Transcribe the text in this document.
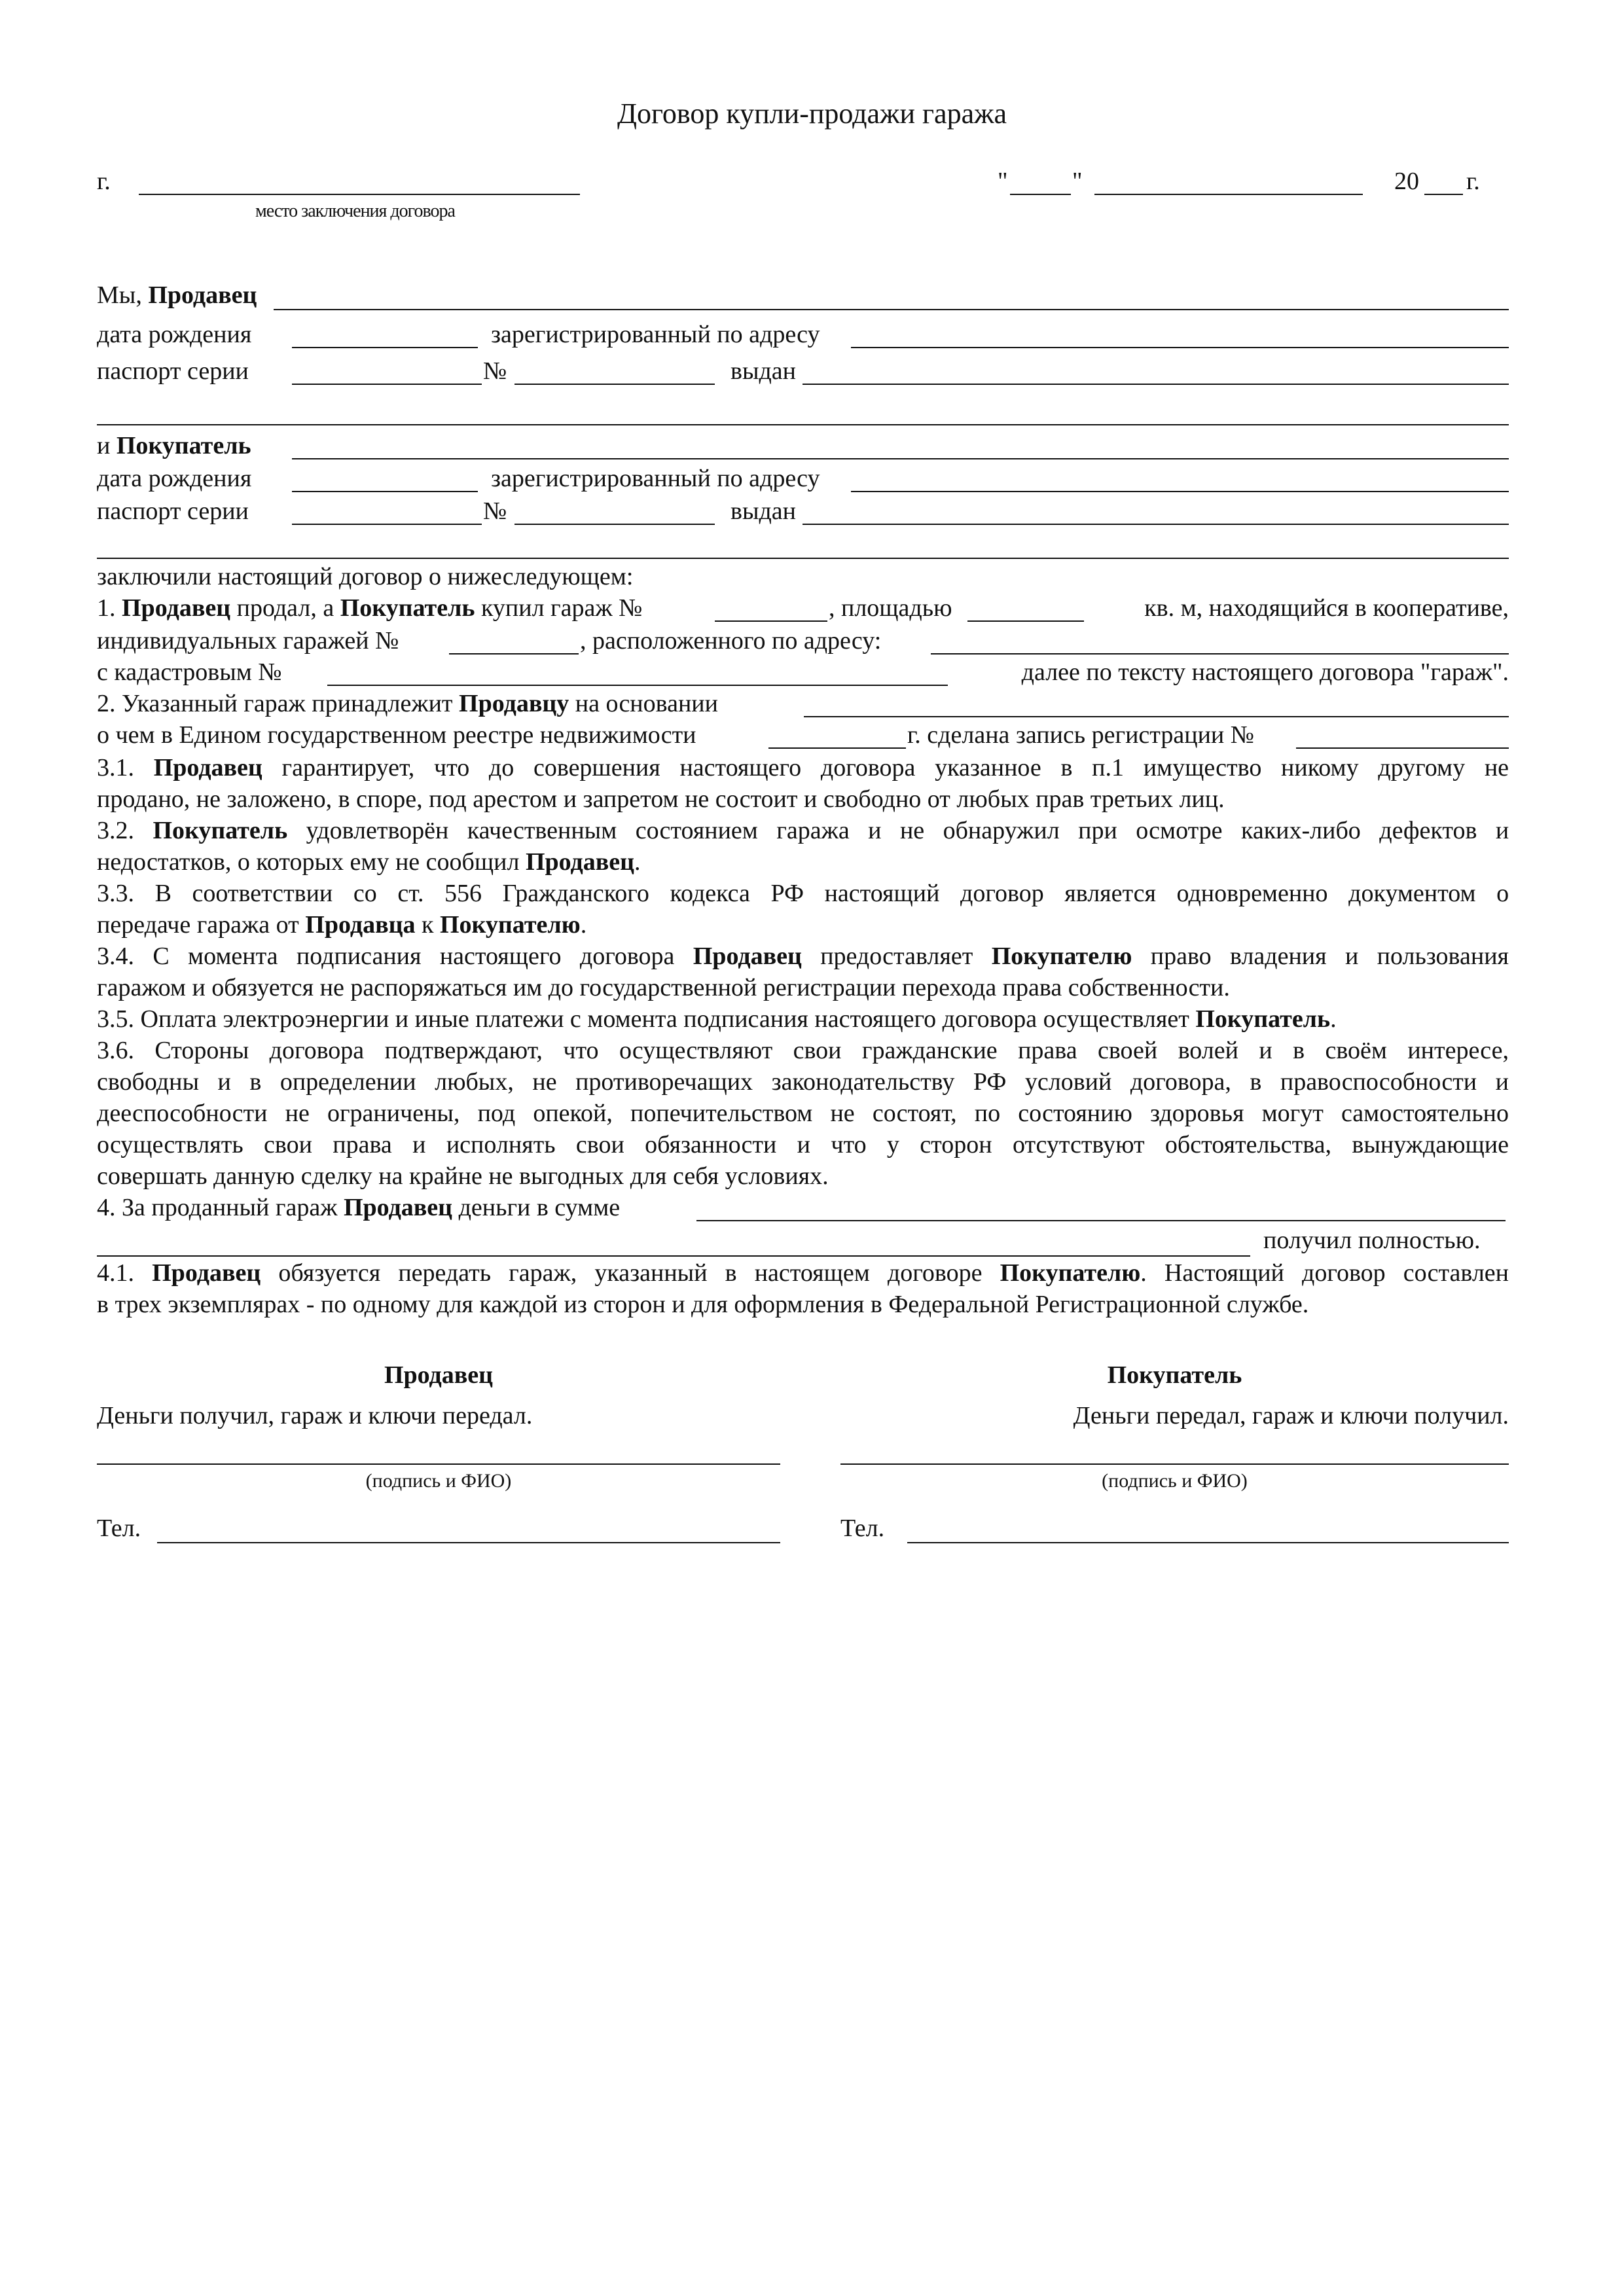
Договор купли-продажи гаража
г.
место заключения договора
"	"	20 г.
Мы, Продавец
дата рождения	зарегистрированный по адресу
паспорт серии	№	выдан
и Покупатель
дата рождения	зарегистрированный по адресу
паспорт серии	№	выдан
заключили настоящий договор о нижеследующем:
1. Продавец продал, а Покупатель купил гараж №	, площадью	кв. м, находящийся в кооперативе,
индивидуальных гаражей №	, расположенного по адресу:
с кадастровым №	далее по тексту настоящего договора "гараж".
2. Указанный гараж принадлежит Продавцу на основании
о чем в Едином государственном реестре недвижимости	г. сделана запись регистрации №
3.1. Продавец гарантирует, что до совершения настоящего договора указанное в п.1 имущество никому другому не
продано, не заложено, в споре, под арестом и запретом не состоит и свободно от любых прав третьих лиц.
3.2. Покупатель удовлетворён качественным состоянием гаража и не обнаружил при осмотре каких-либо дефектов и
недостатков, о которых ему не сообщил Продавец.
3.3. В соответствии со ст. 556 Гражданского кодекса РФ настоящий договор является одновременно документом о
передаче гаража от Продавца к Покупателю.
3.4. С момента подписания настоящего договора Продавец предоставляет Покупателю право владения и пользования
гаражом и обязуется не распоряжаться им до государственной регистрации перехода права собственности.
3.5. Оплата электроэнергии и иные платежи с момента подписания настоящего договора осуществляет Покупатель.
3.6. Стороны договора подтверждают, что осуществляют свои гражданские права своей волей и в своём интересе,
свободны и в определении любых, не противоречащих законодательству РФ условий договора, в правоспособности и
дееспособности не ограничены, под опекой, попечительством не состоят, по состоянию здоровья могут самостоятельно
осуществлять свои права и исполнять свои обязанности и что у сторон отсутствуют обстоятельства, вынуждающие
совершать данную сделку на крайне не выгодных для себя условиях.
4. За проданный гараж Продавец деньги в сумме
получил полностью.
4.1. Продавец обязуется передать гараж, указанный в настоящем договоре Покупателю. Настоящий договор составлен
в трех экземплярах - по одному для каждой из сторон и для оформления в Федеральной Регистрационной службе.
Продавец	Покупатель
Деньги получил, гараж и ключи передал.	Деньги передал, гараж и ключи получил.
(подпись и ФИО)	(подпись и ФИО)
Тел.	Тел.
